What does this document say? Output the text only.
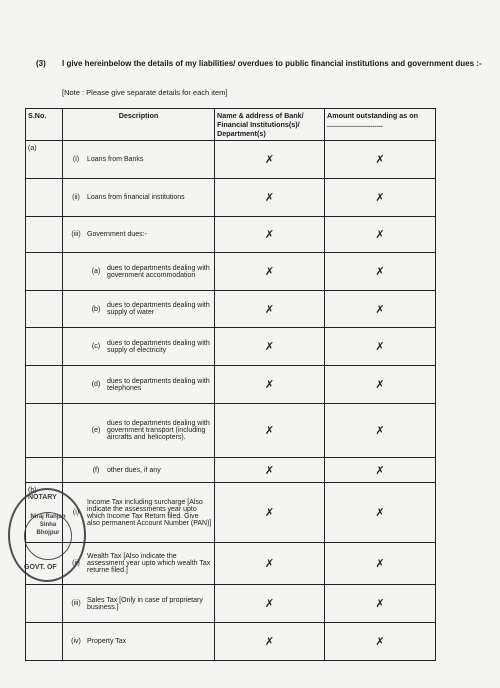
(3) I give hereinbelow the details of my liabilities/ overdues to public financial institutions and government dues :-
[Note : Please give separate details for each item]
S.No.	Description	Name & address of Bank/ Financial Institutions(s)/ Department(s)	Amount outstanding as on ............................
(a)	(i) Loans from Banks	✗	✗

	(ii) Loans from financial institutions	✗	✗

	(iii) Government dues:-	✗	✗

	(a) dues to departments dealing with government accommodation	✗	✗

	(b) dues to departments dealing with supply of water	✗	✗

	(c) dues to departments dealing with supply of electricity	✗	✗

	(d) dues to departments dealing with telephones	✗	✗

	(e)
dues to departments dealing with government transport (including aircrafts and helicopters).	✗	✗

	(f) other dues, if any	✗	✗
(b)	(i)
Income Tax including surcharge [Also indicate the assessments year upto which Income Tax Return filed. Give also permanent Account Number (PAN)]	✗	✗

	(ii)
Wealth Tax [Also indicate the assessment year upto which wealth Tax returne filed.]	✗	✗

	(iii) Sales Tax [Only in case of proprietary business.]	✗	✗

	(iv) Property Tax	✗	✗
NOTARY
Niraj Ranjan Sinha
Bhojpur
GOVT. OF
